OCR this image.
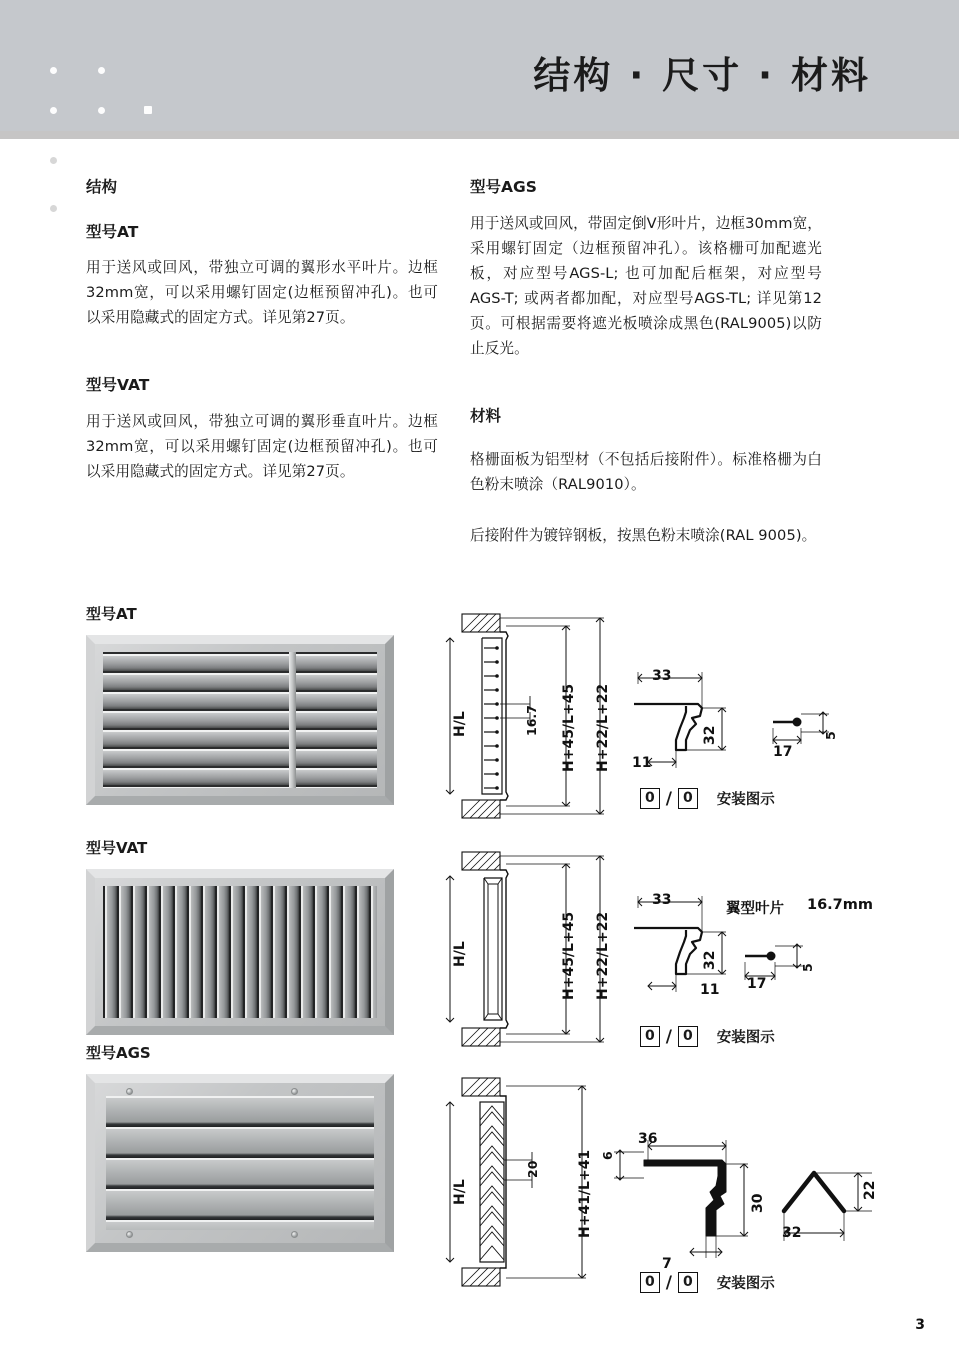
结构 · 尺寸 · 材料
结构
型号AT

用于送风或回风，带独立可调的翼形水平叶片。边框32mm宽，可以采用螺钉固定(边框预留冲孔)。也可以采用隐藏式的固定方式。详见第27页。

型号VAT

用于送风或回风，带独立可调的翼形垂直叶片。边框32mm宽，可以采用螺钉固定(边框预留冲孔)。也可以采用隐藏式的固定方式。详见第27页。

型号AGS

用于送风或回风，带固定倒V形叶片，边框30mm宽，采用螺钉固定（边框预留冲孔）。该格栅可加配遮光板，对应型号AGS-L; 也可加配后框架，对应型号AGS-T; 或两者都加配，对应型号AGS-TL; 详见第12页。可根据需要将遮光板喷涂成黑色(RAL9005)以防止反光。

材料

格栅面板为铝型材（不包括后接附件）。标准格栅为白色粉末喷涂（RAL9010）。

后接附件为镀锌钢板，按黑色粉末喷涂(RAL 9005)。

型号AT
H/L	16.7 H+45/L+45 H+22/L+22
33
32
11
17
5
0 / 0	安装图示
型号VAT
H/L	H+45/L+45 H+22/L+22
33
32
11
翼型叶片 16.7mm
17
5
0 / 0	安装图示
型号AGS
H/L
20	H+41/L+41 6
36
30
7
22
32
0 / 0	安装图示
3
